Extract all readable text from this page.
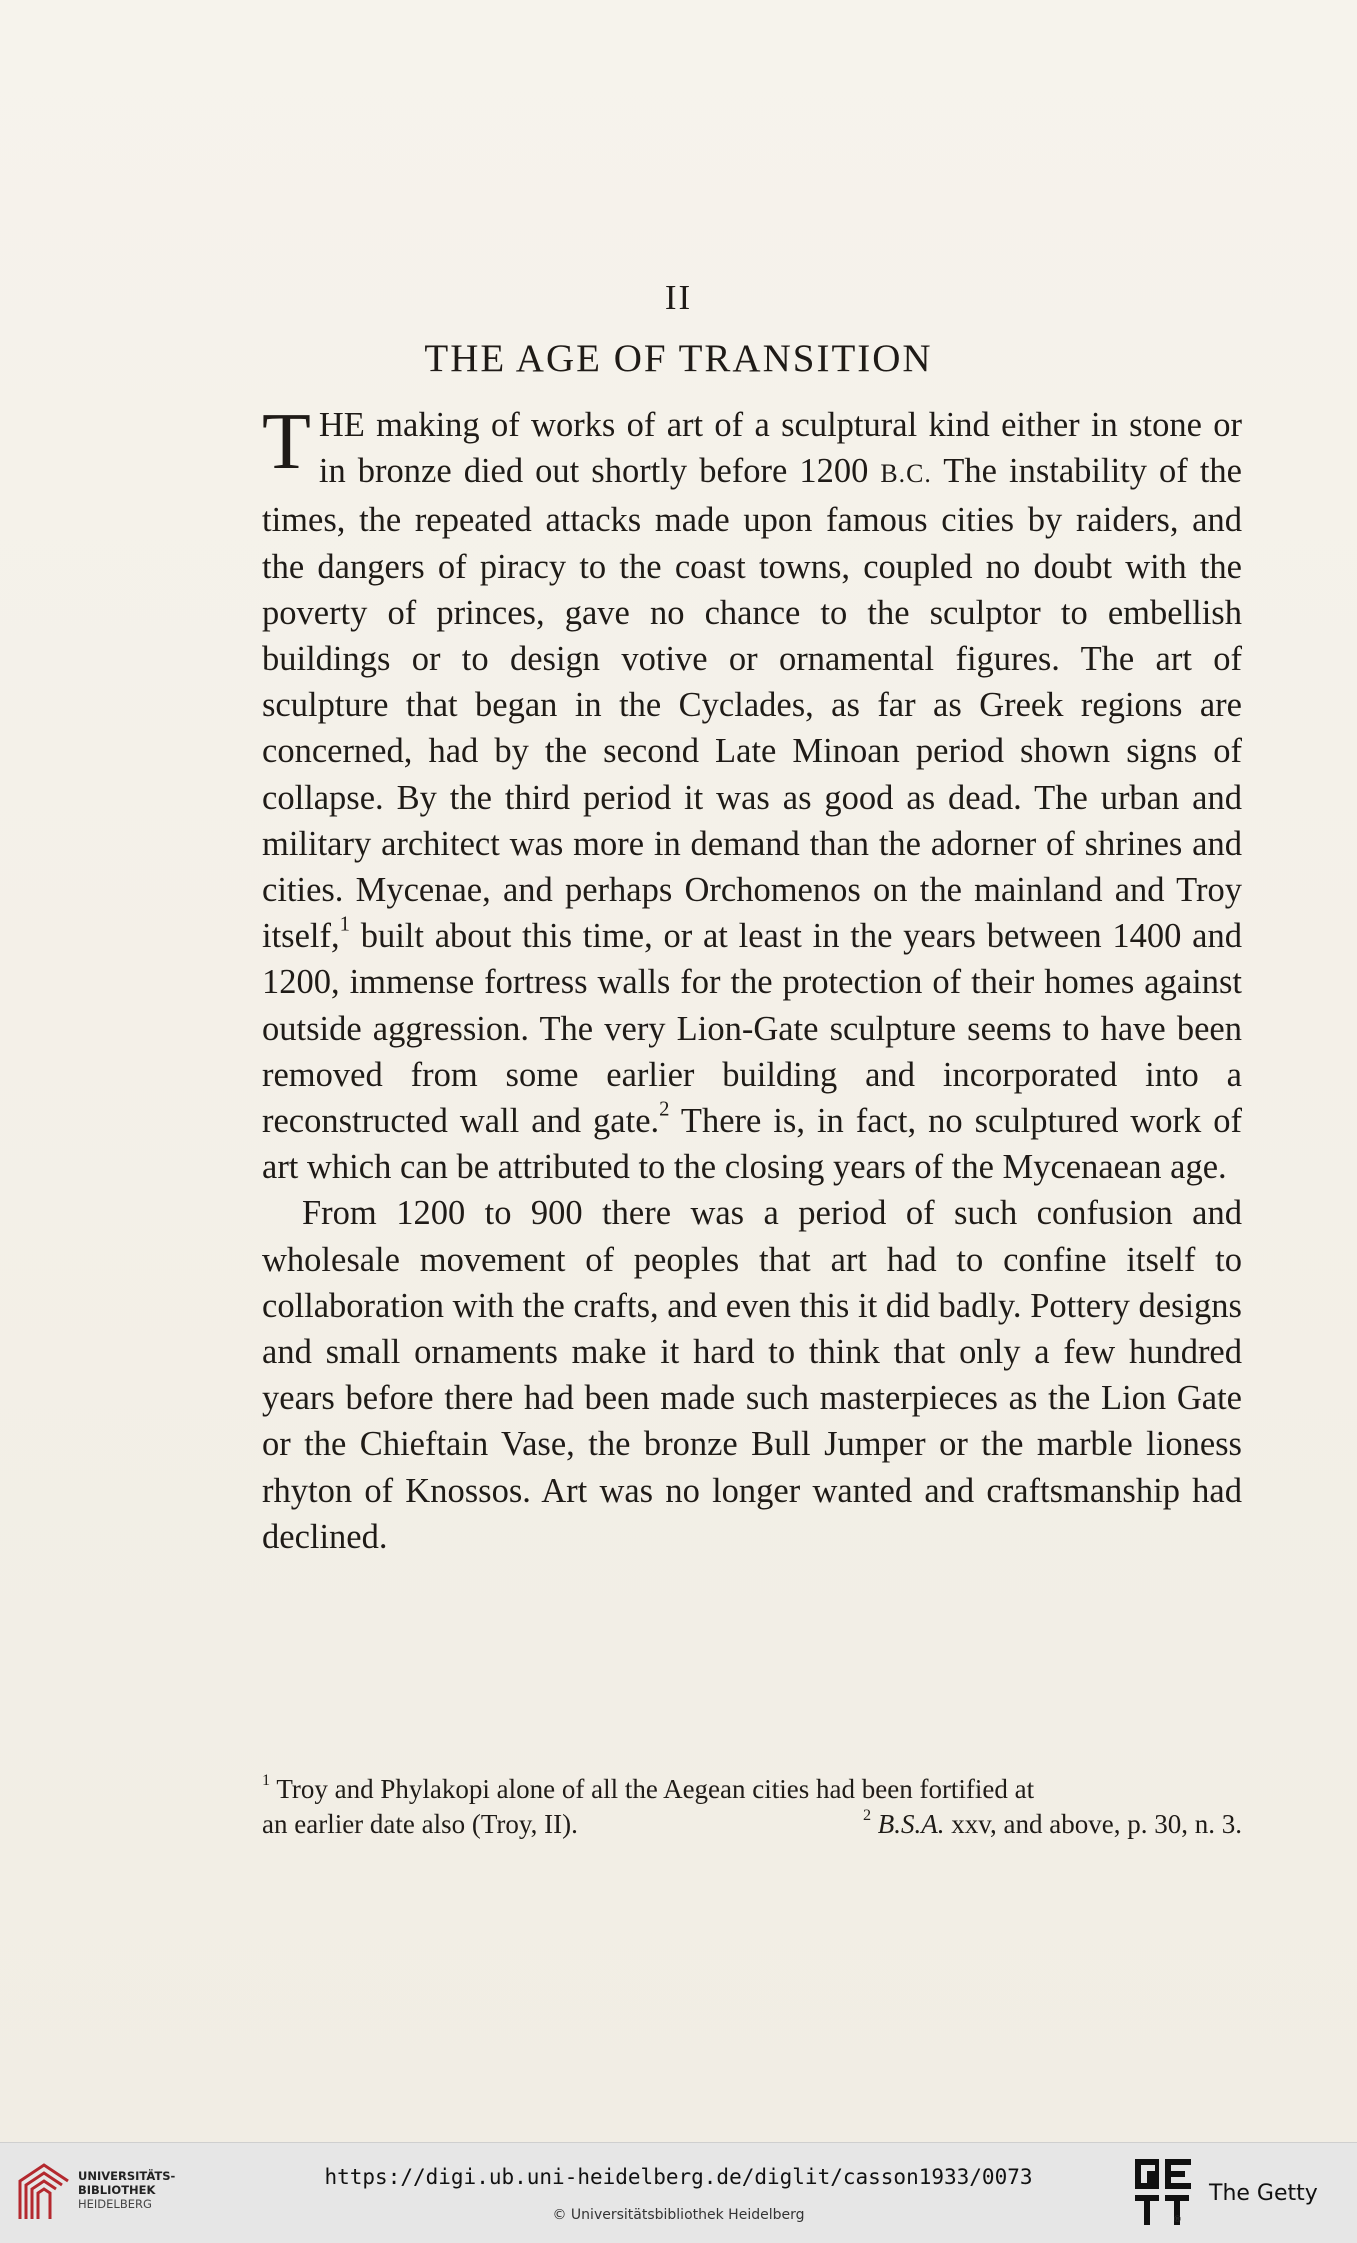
II
THE AGE OF TRANSITION

THE making of works of art of a sculptural kind either in stone or in bronze died out shortly before 1200 B.C. The instability of the times, the repeated attacks made upon famous cities by raiders, and the dangers of piracy to the coast towns, coupled no doubt with the poverty of princes, gave no chance to the sculptor to embellish buildings or to design votive or ornamental figures. The art of sculpture that began in the Cyclades, as far as Greek regions are concerned, had by the second Late Minoan period shown signs of collapse. By the third period it was as good as dead. The urban and military architect was more in demand than the adorner of shrines and cities. Mycenae, and perhaps Orchomenos on the mainland and Troy itself,$^1$ built about this time, or at least in the years between 1400 and 1200, immense fortress walls for the protection of their homes against outside aggression. The very Lion-Gate sculpture seems to have been removed from some earlier building and incorporated into a reconstructed wall and gate.$^2$ There is, in fact, no sculptured work of art which can be attributed to the closing years of the Mycenaean age.

From 1200 to 900 there was a period of such confusion and wholesale movement of peoples that art had to confine itself to collaboration with the crafts, and even this it did badly. Pottery designs and small ornaments make it hard to think that only a few hundred years before there had been made such masterpieces as the Lion Gate or the Chieftain Vase, the bronze Bull Jumper or the marble lioness rhyton of Knossos. Art was no longer wanted and craftsmanship had declined.

$^1$ Troy and Phylakopi alone of all the Aegean cities had been fortified at
an earlier date also (Troy, II).	$^2$ B.S.A. xxv, and above, p. 30, n. 3.
UNIVERSITÄTS-
BIBLIOTHEK
HEIDELBERG
https://digi.ub.uni-heidelberg.de/diglit/casson1933/0073
© Universitätsbibliothek Heidelberg	®
The Getty
